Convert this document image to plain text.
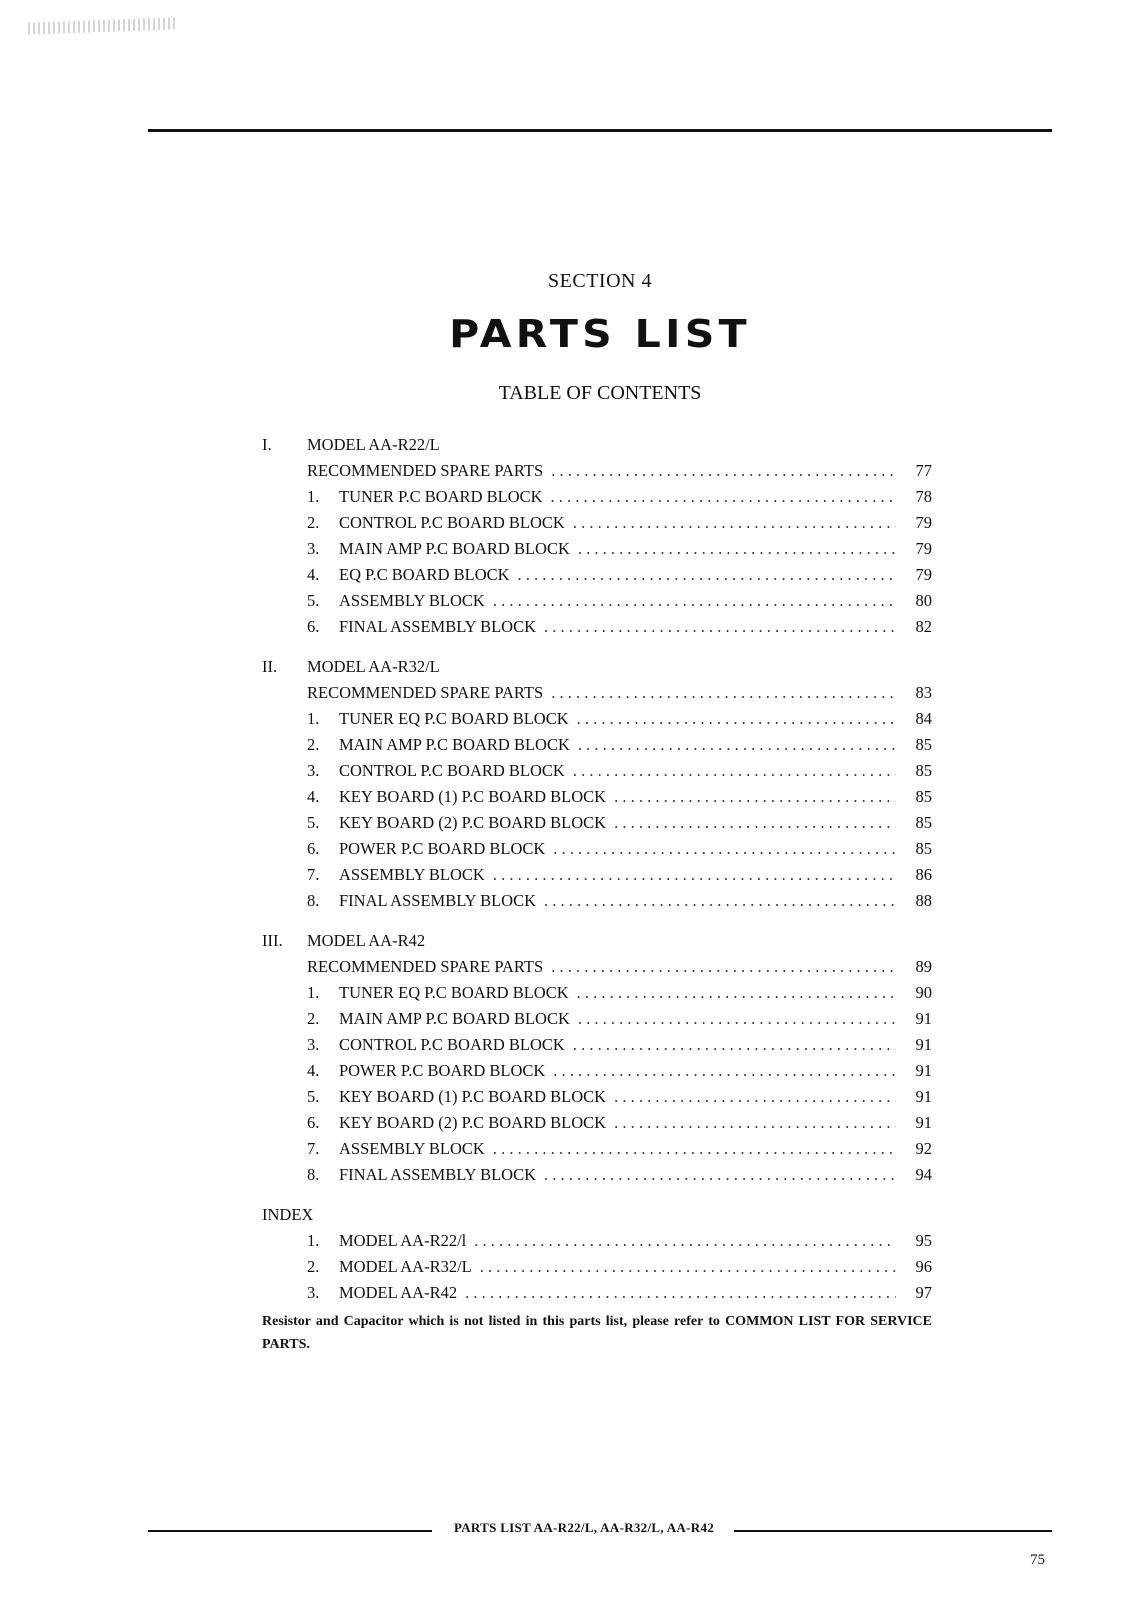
SECTION 4
PARTS LIST
TABLE OF CONTENTS
I. MODEL AA-R22/L
RECOMMENDED SPARE PARTS . . .	77
1.	TUNER P.C BOARD BLOCK . . .	78
2.	CONTROL P.C BOARD BLOCK . . .	79
3.	MAIN AMP P.C BOARD BLOCK . . .	79
4.	EQ P.C BOARD BLOCK . . .	79
5.	ASSEMBLY BLOCK . . .	80
6.	FINAL ASSEMBLY BLOCK . . .	82
II. MODEL AA-R32/L
RECOMMENDED SPARE PARTS . . .	83
1.	TUNER EQ P.C BOARD BLOCK . . .	84
2.	MAIN AMP P.C BOARD BLOCK . . .	85
3.	CONTROL P.C BOARD BLOCK . . .	85
4.	KEY BOARD (1) P.C BOARD BLOCK . . .	85
5.	KEY BOARD (2) P.C BOARD BLOCK . . .	85
6.	POWER P.C BOARD BLOCK . . .	85
7.	ASSEMBLY BLOCK . . .	86
8.	FINAL ASSEMBLY BLOCK . . .	88
III. MODEL AA-R42
RECOMMENDED SPARE PARTS . . .	89
1.	TUNER EQ P.C BOARD BLOCK . . .	90
2.	MAIN AMP P.C BOARD BLOCK . . .	91
3.	CONTROL P.C BOARD BLOCK . . .	91
4.	POWER P.C BOARD BLOCK . . .	91
5.	KEY BOARD (1) P.C BOARD BLOCK . . .	91
6.	KEY BOARD (2) P.C BOARD BLOCK . . .	91
7.	ASSEMBLY BLOCK . . .	92
8.	FINAL ASSEMBLY BLOCK . . .	94
INDEX
1.	MODEL AA-R22/l . . .	95
2.	MODEL AA-R32/L . . .	96
3.	MODEL AA-R42 . . .	97
Resistor and Capacitor which is not listed in this parts list, please refer to COMMON LIST FOR SERVICE PARTS.
PARTS LIST AA-R22/L, AA-R32/L, AA-R42
75
